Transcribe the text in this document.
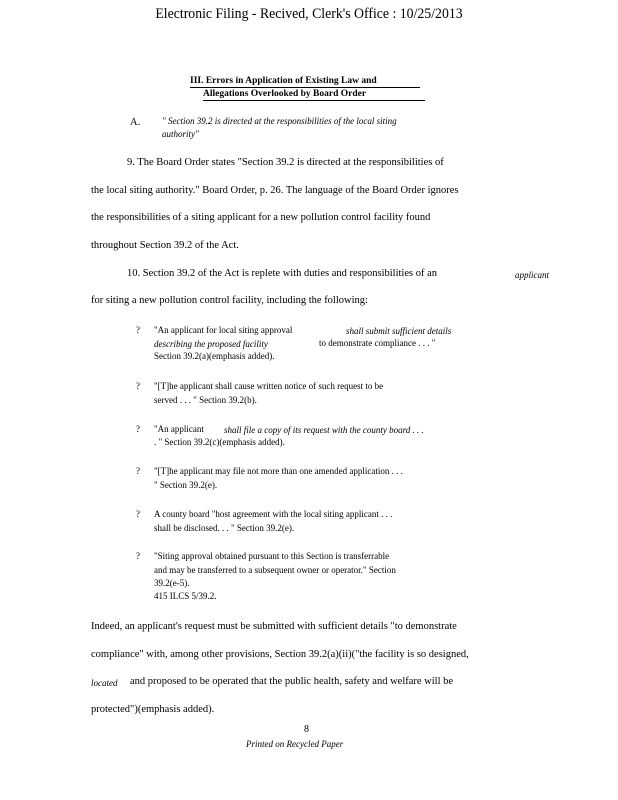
Electronic Filing - Recived, Clerk's Office : 10/25/2013
III. Errors in Application of Existing Law and
Allegations Overlooked by Board Order
A. " Section 39.2 is directed at the responsibilities of the local siting
authority"
9. The Board Order states "Section 39.2 is directed at the responsibilities of
the local siting authority." Board Order, p. 26. The language of the Board Order ignores
the responsibilities of a siting applicant for a new pollution control facility found
throughout Section 39.2 of the Act.
10. Section 39.2 of the Act is replete with duties and responsibilities of an	applicant
for siting a new pollution control facility, including the following:
? "An applicant for local siting approval	shall submit sufficient details
describing the proposed facility	to demonstrate compliance . . . "
Section 39.2(a)(emphasis added).
? "[T]he applicant shall cause written notice of such request to be
served . . . " Section 39.2(b).
? "An applicant shall file a copy of its request with the county board . . .
. " Section 39.2(c)(emphasis added).
? "[T]he applicant may file not more than one amended application . . .
" Section 39.2(e).
? A county board "host agreement with the local siting applicant . . .
shall be disclosed. . . " Section 39.2(e).
? "Siting approval obtained pursuant to this Section is transferrable
and may be transferred to a subsequent owner or operator." Section
39.2(e-5).
415 ILCS 5/39.2.
Indeed, an applicant's request must be submitted with sufficient details "to demonstrate
compliance" with, among other provisions, Section 39.2(a)(ii)("the facility is so designed,
located and proposed to be operated that the public health, safety and welfare will be
protected")(emphasis added).
8
Printed on Recycled Paper
